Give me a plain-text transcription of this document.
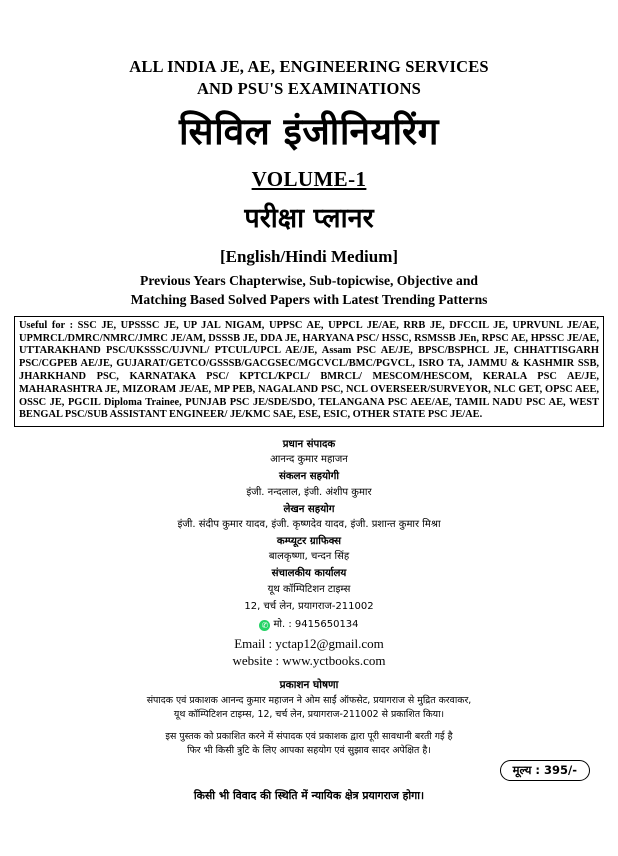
ALL INDIA JE, AE, ENGINEERING SERVICES
AND PSU'S EXAMINATIONS
सिविल इंजीनियरिंग
VOLUME-1
परीक्षा प्लानर
[English/Hindi Medium]
Previous Years Chapterwise, Sub-topicwise, Objective and
Matching Based Solved Papers with Latest Trending Patterns
Useful for : SSC JE, UPSSSC JE, UP JAL NIGAM, UPPSC AE, UPPCL JE/AE, RRB JE, DFCCIL JE, UPRVUNL JE/AE, UPMRCL/DMRC/NMRC/JMRC JE/AM, DSSSB JE, DDA JE, HARYANA PSC/ HSSC, RSMSSB JEn, RPSC AE, HPSSC JE/AE, UTTARAKHAND PSC/UKSSSC/UJVNL/ PTCUL/UPCL AE/JE, Assam PSC AE/JE, BPSC/BSPHCL JE, CHHATTISGARH PSC/CGPEB AE/JE, GUJARAT/GETCO/GSSSB/GACGSEC/MGCVCL/BMC/PGVCL, ISRO TA, JAMMU & KASHMIR SSB, JHARKHAND PSC, KARNATAKA PSC/ KPTCL/KPCL/ BMRCL/ MESCOM/HESCOM, KERALA PSC AE/JE, MAHARASHTRA JE, MIZORAM JE/AE, MP PEB, NAGALAND PSC, NCL OVERSEER/SURVEYOR, NLC GET, OPSC AEE, OSSC JE, PGCIL Diploma Trainee, PUNJAB PSC JE/SDE/SDO, TELANGANA PSC AEE/AE, TAMIL NADU PSC AE, WEST BENGAL PSC/SUB ASSISTANT ENGINEER/ JE/KMC SAE, ESE, ESIC, OTHER STATE PSC JE/AE.
प्रधान संपादक
आनन्द कुमार महाजन
संकलन सहयोगी
इंजी. नन्दलाल, इंजी. अंशीप कुमार
लेखन सहयोग
इंजी. संदीप कुमार यादव, इंजी. कृष्णदेव यादव, इंजी. प्रशान्त कुमार मिश्रा
कम्प्यूटर ग्राफिक्स
बालकृष्णा, चन्दन सिंह
संचालकीय कार्यालय
यूथ कॉम्पिटिशन टाइम्स
12, चर्च लेन, प्रयागराज-211002
✆ मो. : 9415650134
Email : yctap12@gmail.com
website : www.yctbooks.com
प्रकाशन घोषणा
संपादक एवं प्रकाशक आनन्द कुमार महाजन ने ओम साईं ऑफसेट, प्रयागराज से मुद्रित करवाकर,
यूथ कॉम्पिटिशन टाइम्स, 12, चर्च लेन, प्रयागराज-211002 से प्रकाशित किया।
इस पुस्तक को प्रकाशित करने में संपादक एवं प्रकाशक द्वारा पूरी सावधानी बरती गई है
फिर भी किसी त्रुटि के लिए आपका सहयोग एवं सुझाव सादर अपेक्षित है।
मूल्य : 395/-
किसी भी विवाद की स्थिति में न्यायिक क्षेत्र प्रयागराज होगा।
